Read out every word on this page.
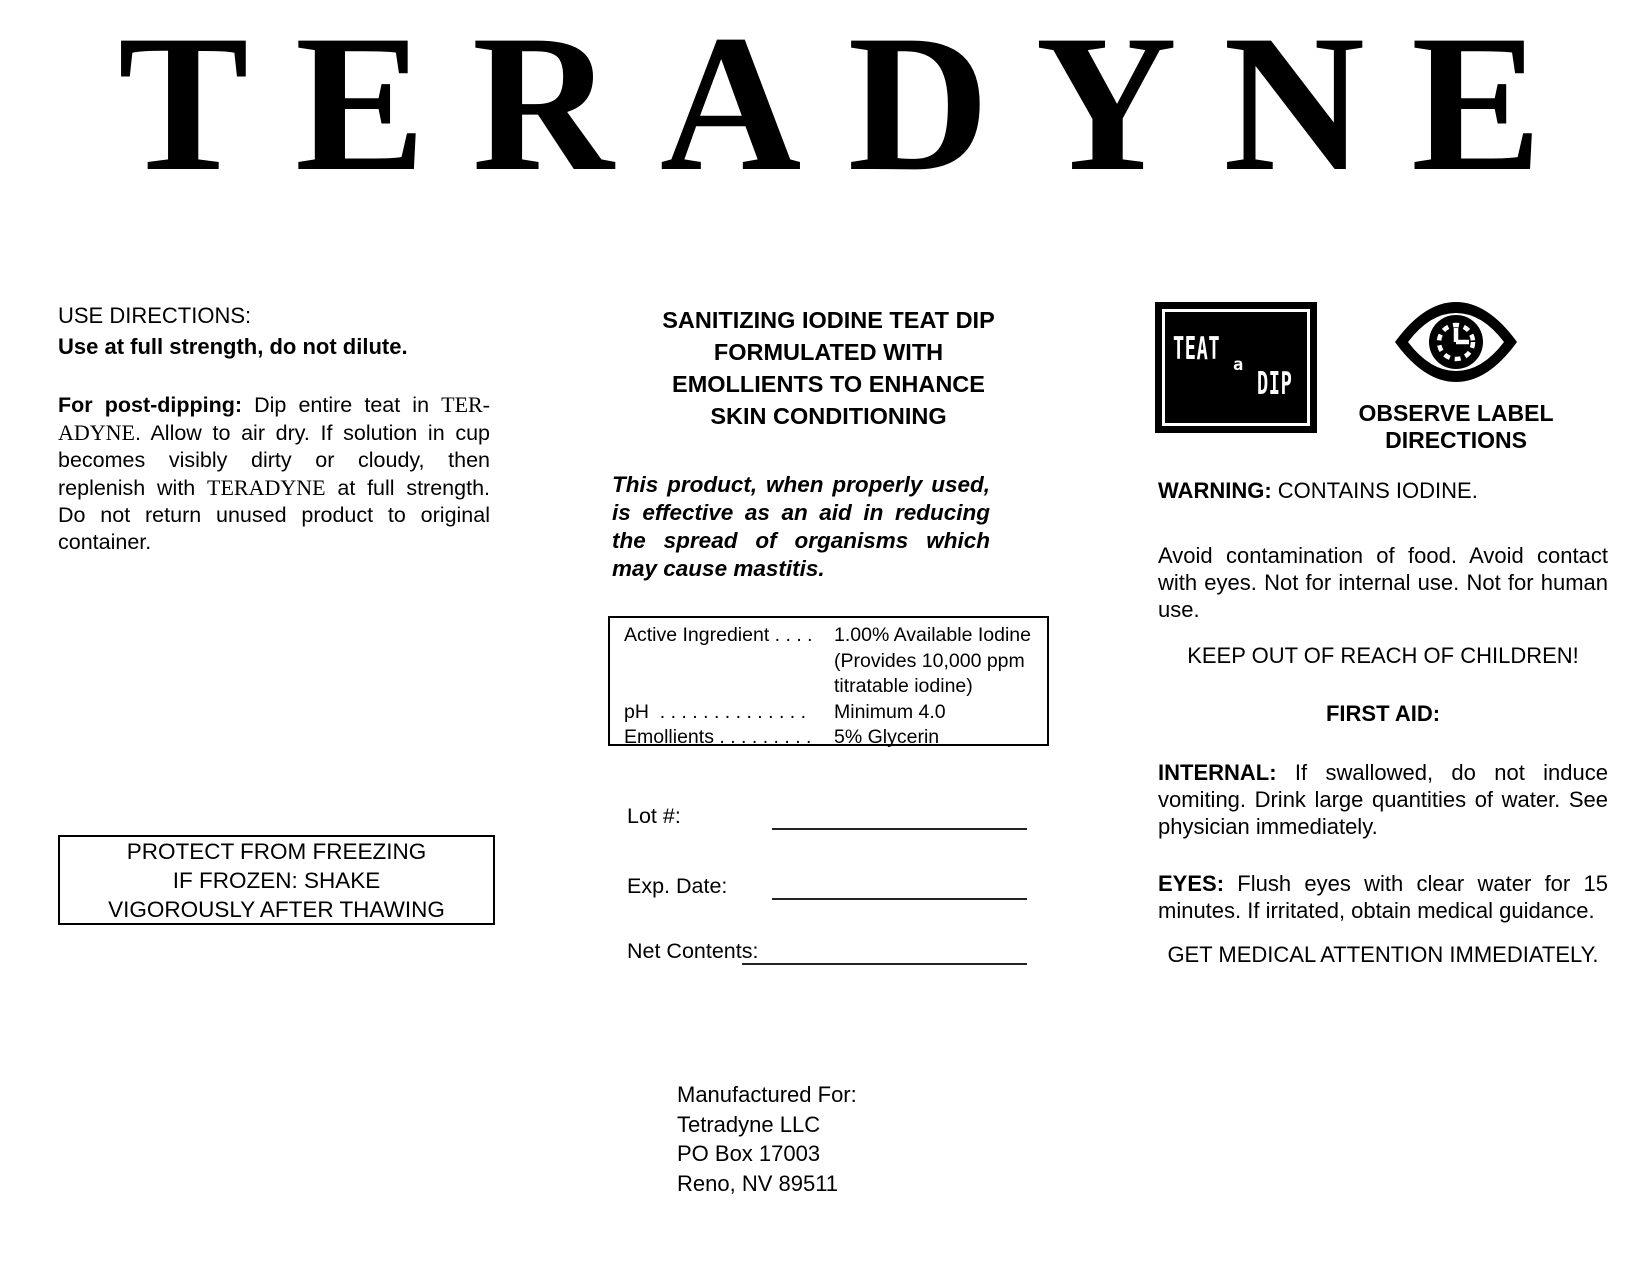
T E R A D Y N E
USE DIRECTIONS:
Use at full strength, do not dilute.
For post-dipping: Dip entire teat in TER-ADYNE. Allow to air dry. If solution in cup becomes visibly dirty or cloudy, then replenish with TERADYNE at full strength. Do not return unused product to original container.
PROTECT FROM FREEZING
IF FROZEN: SHAKE
VIGOROUSLY AFTER THAWING
SANITIZING IODINE TEAT DIP
FORMULATED WITH
EMOLLIENTS TO ENHANCE
SKIN CONDITIONING
This product, when properly used, is effective as an aid in reducing the spread of organisms which may cause mastitis.
Active Ingredient . . . .	1.00% Available Iodine
(Provides 10,000 ppm
titratable iodine)
pH  . . . . . . . . . . . . . .	Minimum 4.0
Emollients . . . . . . . . .	5% Glycerin
Lot #:
Exp. Date:
Net Contents:
Manufactured For:
Tetradyne LLC
PO Box 17003
Reno, NV 89511
TEAT a
DIP
OBSERVE LABEL
DIRECTIONS
WARNING: CONTAINS IODINE.
Avoid contamination of food. Avoid contact with eyes. Not for internal use. Not for human use.
KEEP OUT OF REACH OF CHILDREN!
FIRST AID:
INTERNAL: If swallowed, do not induce vomiting. Drink large quantities of water. See physician immediately.
EYES: Flush eyes with clear water for 15 minutes. If irritated, obtain medical guidance.
GET MEDICAL ATTENTION IMMEDIATELY.
